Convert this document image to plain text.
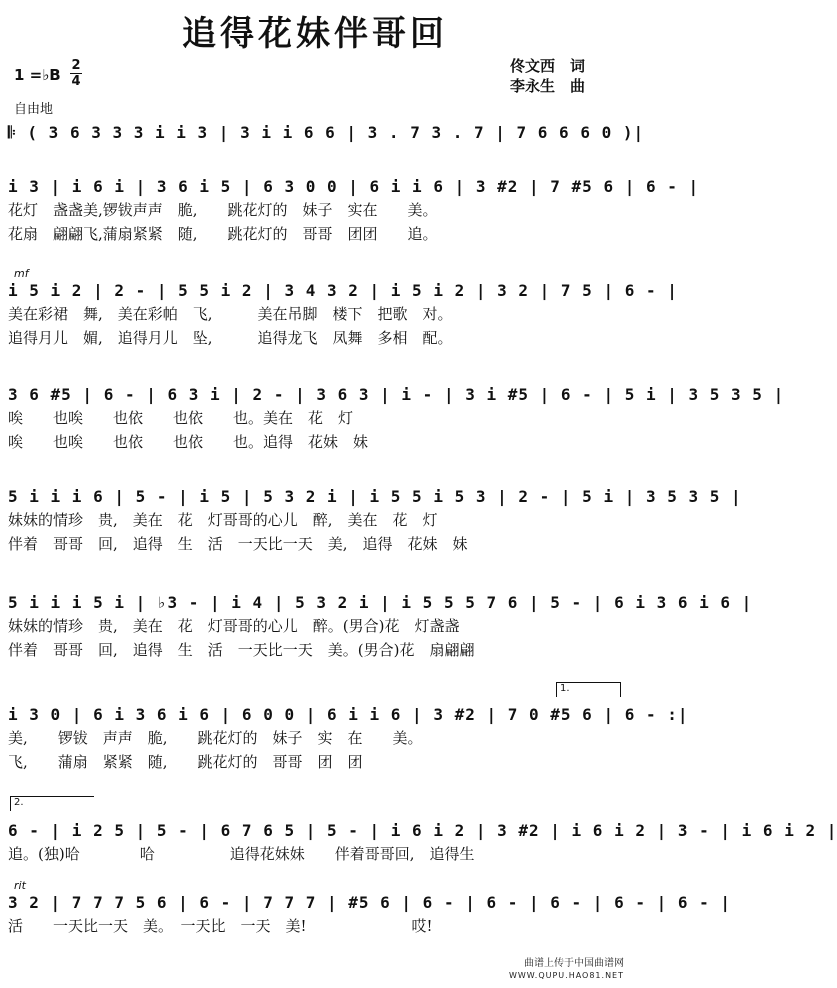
追得花妹伴哥回
1 =♭B
2
4
自由地
佟文西　词
李永生　曲
𝄆 ( 3 6 3 3 3 i i 3 | 3 i i 6 6 | 3 . 7 3 . 7 | 7 6 6 6 0 )|
i 3 | i 6 i | 3 6 i 5 | 6 3 0 0 | 6 i i 6 | 3 #2 | 7 #5 6 | 6 - |
花灯　盏盏美,锣钹声声　脆,　　跳花灯的　妹子　实在　　美。
花扇　翩翩飞,蒲扇紧紧　随,　　跳花灯的　哥哥　团团　　追。
mf
i 5 i 2 | 2 - | 5 5 i 2 | 3 4 3 2 | i 5 i 2 | 3 2 | 7 5 | 6 - |
美在彩裙　舞,　美在彩帕　飞,　　　美在吊脚　楼下　把歌　对。
追得月儿　媚,　追得月儿　坠,　　　追得龙飞　凤舞　多相　配。
3 6 #5 | 6 - | 6 3 i | 2 - | 3 6 3 | i - | 3 i #5 | 6 - | 5 i | 3 5 3 5 |
唉　　也唉　　也依　　也依　　也。美在　花　灯
唉　　也唉　　也依　　也依　　也。追得　花妹　妹
5 i i i 6 | 5 - | i 5 | 5 3 2 i | i 5 5 i 5 3 | 2 - | 5 i | 3 5 3 5 |
妹妹的情珍　贵,　美在　花　灯哥哥的心儿　醉,　美在　花　灯
伴着　哥哥　回,　追得　生　活　一天比一天　美,　追得　花妹　妹
5 i i i 5 i | ♭3 - | i 4 | 5 3 2 i | i 5 5 5 7 6 | 5 - | 6 i 3 6 i 6 |
妹妹的情珍　贵,　美在　花　灯哥哥的心儿　醉。(男合)花　灯盏盏
伴着　哥哥　回,　追得　生　活　一天比一天　美。(男合)花　扇翩翩
1.
i 3 0 | 6 i 3 6 i 6 | 6 0 0 | 6 i i 6 | 3 #2 | 7 0 #5 6 | 6 - :|
美,　　锣钹　声声　脆,　　跳花灯的　妹子　实　在　　美。
飞,　　蒲扇　紧紧　随,　　跳花灯的　哥哥　团　团
2.
6 - | i 2 5 | 5 - | 6 7 6 5 | 5 - | i 6 i 2 | 3 #2 | i 6 i 2 | 3 - | i 6 i 2 |
追。(独)哈　　　　哈　　　　　追得花妹妹　　伴着哥哥回,　追得生
rit
3 2 | 7 7 7 5 6 | 6 - | 7 7 7 | #5 6 | 6 - | 6 - | 6 - | 6 - | 6 - |
活　　一天比一天　美。　一天比　一天　美!　　　　　　　哎!
曲谱上传于中国曲谱网
WWW.QUPU.HAO81.NET
